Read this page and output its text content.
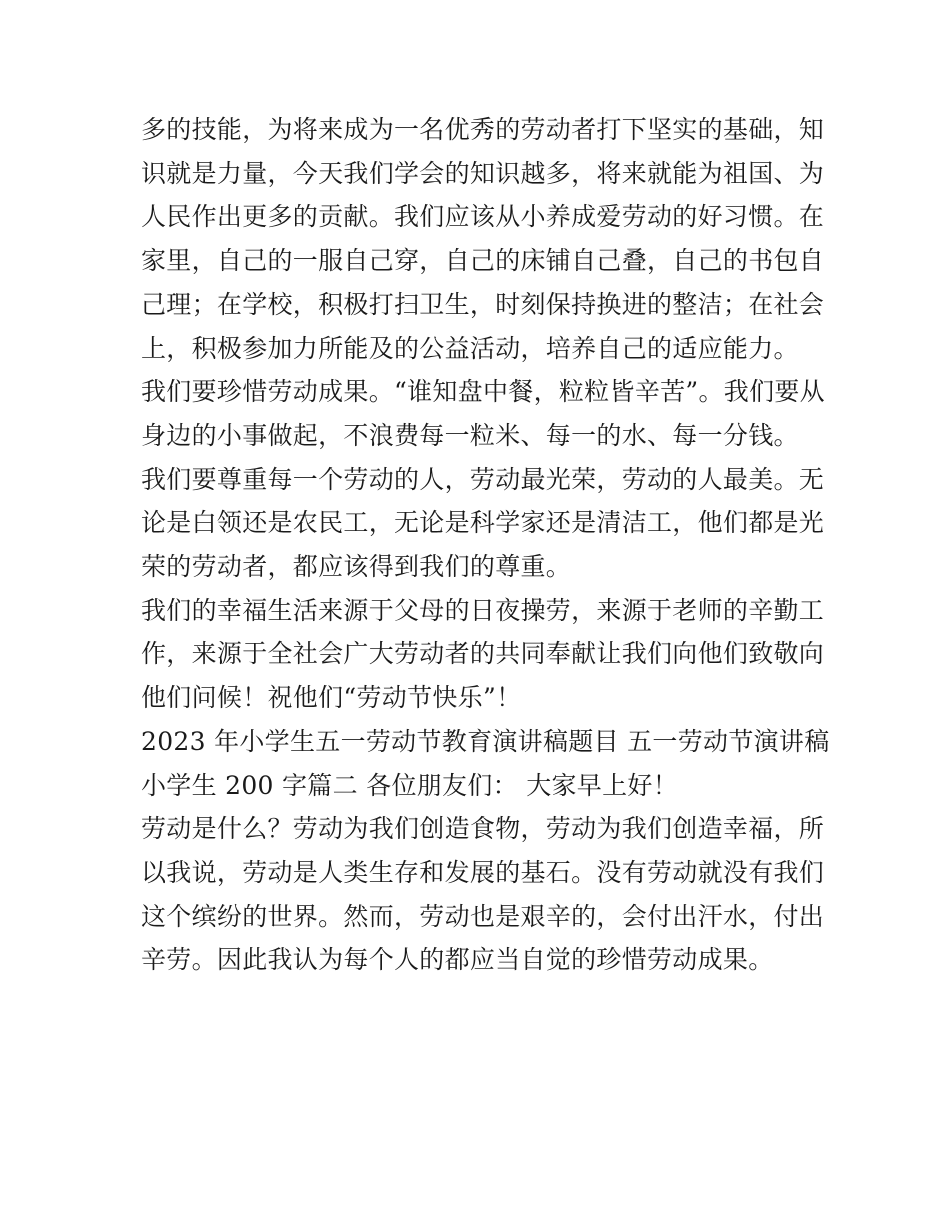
多的技能，为将来成为一名优秀的劳动者打下坚实的基础，知
识就是力量，今天我们学会的知识越多，将来就能为祖国、为
人民作出更多的贡献。我们应该从小养成爱劳动的好习惯。在
家里，自己的一服自己穿，自己的床铺自己叠，自己的书包自
己理；在学校，积极打扫卫生，时刻保持换进的整洁；在社会
上，积极参加力所能及的公益活动，培养自己的适应能力。
我们要珍惜劳动成果。“谁知盘中餐，粒粒皆辛苦”。我们要从
身边的小事做起，不浪费每一粒米、每一的水、每一分钱。
我们要尊重每一个劳动的人，劳动最光荣，劳动的人最美。无
论是白领还是农民工，无论是科学家还是清洁工，他们都是光
荣的劳动者，都应该得到我们的尊重。
我们的幸福生活来源于父母的日夜操劳，来源于老师的辛勤工
作，来源于全社会广大劳动者的共同奉献让我们向他们致敬向
他们问候！祝他们“劳动节快乐”！
2023 年小学生五一劳动节教育演讲稿题目 五一劳动节演讲稿
小学生 200 字篇二 各位朋友们： 大家早上好！
劳动是什么？劳动为我们创造食物，劳动为我们创造幸福，所
以我说，劳动是人类生存和发展的基石。没有劳动就没有我们
这个缤纷的世界。然而，劳动也是艰辛的，会付出汗水，付出
辛劳。因此我认为每个人的都应当自觉的珍惜劳动成果。
